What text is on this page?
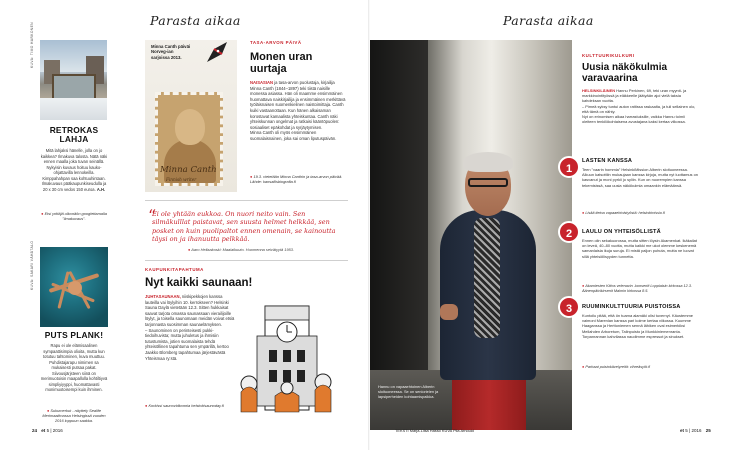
Parasta aikaa	Parasta aikaa
KUVA: TIMO HARKONEN
RETROKAS LAHJA
Mitä lahjaksi hänelle, jolla on jo kaikkea? Ilmakuva talosta. Nätä näki ennen maalla joka tuvan seinällä. Nykyisin kuvaus hoituu kauko-ohjattavilla lennokeilla. Kimppahahpan saa kohtuuhintaan. Ilmakuvaus pääkaupunkiseudulla ja 20 x 30 cm vedos 150 euroa. A.H.
● Etsi yrittäjä ulkonäön googlettamalla "ilmakuvaus".
KUVA: SAKARI VÄHÄTALO
PUTS PLANK!
Rapu ei ole elämisaalinen sympaattisimpia olioita, mutta kun totutuu tahtominen, kuva muuttuu. Puhdistajarapu nimimen sa mukaisesti putsaa pakat. Siivousjärjsteen siinä on merimuotoisin maapallolla kohtiltiyvä simpliyiyyppi, huomattavasti monimuotoisempi kuin ihminen.
● Sukumerkut - näyttely Sealife Merimaailmassa Helsingissä vuoden 2016 loppuun saakka.
Minna Canth
Finnish writer
Minna Canth päiväi Norveg-ian sarjoissa 2013.
TASA-ARVON PÄIVÄ
Monen uran uurtaja
NAISASIAN ja tasa-arvon puolustaja, kirjailija Minna Canth (1844–1897) teki tiistä naisille monessa asiassa. Hän oli maamme ensimmäinen huomattava naiskirjailija ja ensimmäinen merkittävä työläisnaisen suomenkielinen naistoimittaja. Canth kuiki vastaanottaan. Kun hänen alkaisaman korostavat kamaalista yhteiskuntaa. Canth näki yhteiskunnan ongelmat ja ratkaisi kääntöpuolen: sosiaaliset epäkohdat ja syrjäytymisen.
Minna Canth oli myös ensimmäinen suomalaisnainen, joka sai oman liputuspäivän.
● 19.3. vietetään Minna Canthin ja tasa-arvon päivää. Lähde: kansallisbiografia.fi
“
Ei ole yhtään eukkoa. On nuori neito vain. Sen silmäkulllat paistavat, sen suusta helmet helkkää, sen posket on kuin puolipaltot ennen omenain, se kainoutta täysi on ja ihanuutta pelkkää.
● Aaro Hellaakoski: Maalaikuuto. Huomenna seivätyytä 1953.
KAUPUNKITAPAHTUMA
Nyt kaikki saunaan!
JUHTASAUNAAN, niiskipekkojen kanssa lauteilla vai löylyihin 10. kerrokseen? Helsinki Sauna Daylä vietetään 12.3. Sitten hukkaisat saavat tarjota omassa saunassaan vierailijoille löylyt, ja toisella saunomaan meidän voivat etsiä tarjonnasta suosimman saunaelämyksen.
– Saunominen on perinteisesti pukki-tiedoihuvista; mutta juhuletus ja ihmisiin tutustumista, jotien suomalaista tehdä yhteisöllinen tapahtuma sen ympärillä, kertoo Jaakko Blomberg tapahtumaa järjestävästä Yhteismaa ry:stä.
● Korkissi saunovidkonnia helsinkisaunoday.fi
Hannu on vapaaehtoinen Alberin sloituoneessa. Se on seniorielen ja lapsiperheiden kohtaamispaikka.
1
2
3
KULTTUURIKULKURI
Uusia näkökulmia varavaarina
HELSINKILÄINEN Hannu Perkinen, 69, teki uran myynti- ja markkinointityössä ja eläkkeelle jäätyään ajoi vielä taksia kahdeksan vuotta.
– Pimeä syksy tuntui auton rattissa raskaalta, ja tuli sellainen olo, että tämä on nähty.
Nyt on erinomisen aikaa harrastuksille, vaikka Hannu toimii oleiteen tenkilökohtaisena avustajana kaksi kertaa viikossa.
LASTEN KANSSA
Teen "vaarin hommia" HelsinkiMission Alberin sloituoneessa. Alkuun katsottiin mukaujaan kanssa kirjoja, mutta nyt luottamus on kasvanut ja moni pyrkii jo syliin. Kun on nuorempien kanssa tekemisissä, saa uusia näkökulmia omaankin elämäänsä.
● Lisää tietoa vapaaehtoistyöstä: helsinkimissio.fi
LAULU ON YHTEISÖLLISTÄ
Ennen olin sekakuorossa, mutta sitten löysin Akamenkat. Ikäkailat on leveä, 40–80 vuotta, mutta kaikki me ukot olemme keskenemä samanlaisia ikuja suruja. Ei mistä paljon puhuta, mutta ne luovat sillä yhteisöllisyyden tunnetta.
● Akamiesten Kittos velenavin -konsertit Loppiaisin kirkossa 12.3. Äänenpäivikirsenit Malmin kirkossa 8.5.
RUUMINKULTTUURIA PUISTOISSA
Kuntoilu pitää, että ön tuama alamäki olisi tuvernyt. Käustemme vaimoni Marenlan kanssa pari kolme kertaa viikossa. Kuumme Haaganssa ja Herttoniemen sennä lähiken oval esimerkiksi Meilahden Arboretum, Talinpuisto ja Munkkiniemenranta. Torpanrannan kahvilassa naudimme espressot ja sinukset.
● Parhaat puistokävelyreitit: vihreäsyöt.fi
24 et 5 | 2016	TEKSTI Marja-Liisa Hasso KUVA Pila Arnould	et 5 | 2016 25
